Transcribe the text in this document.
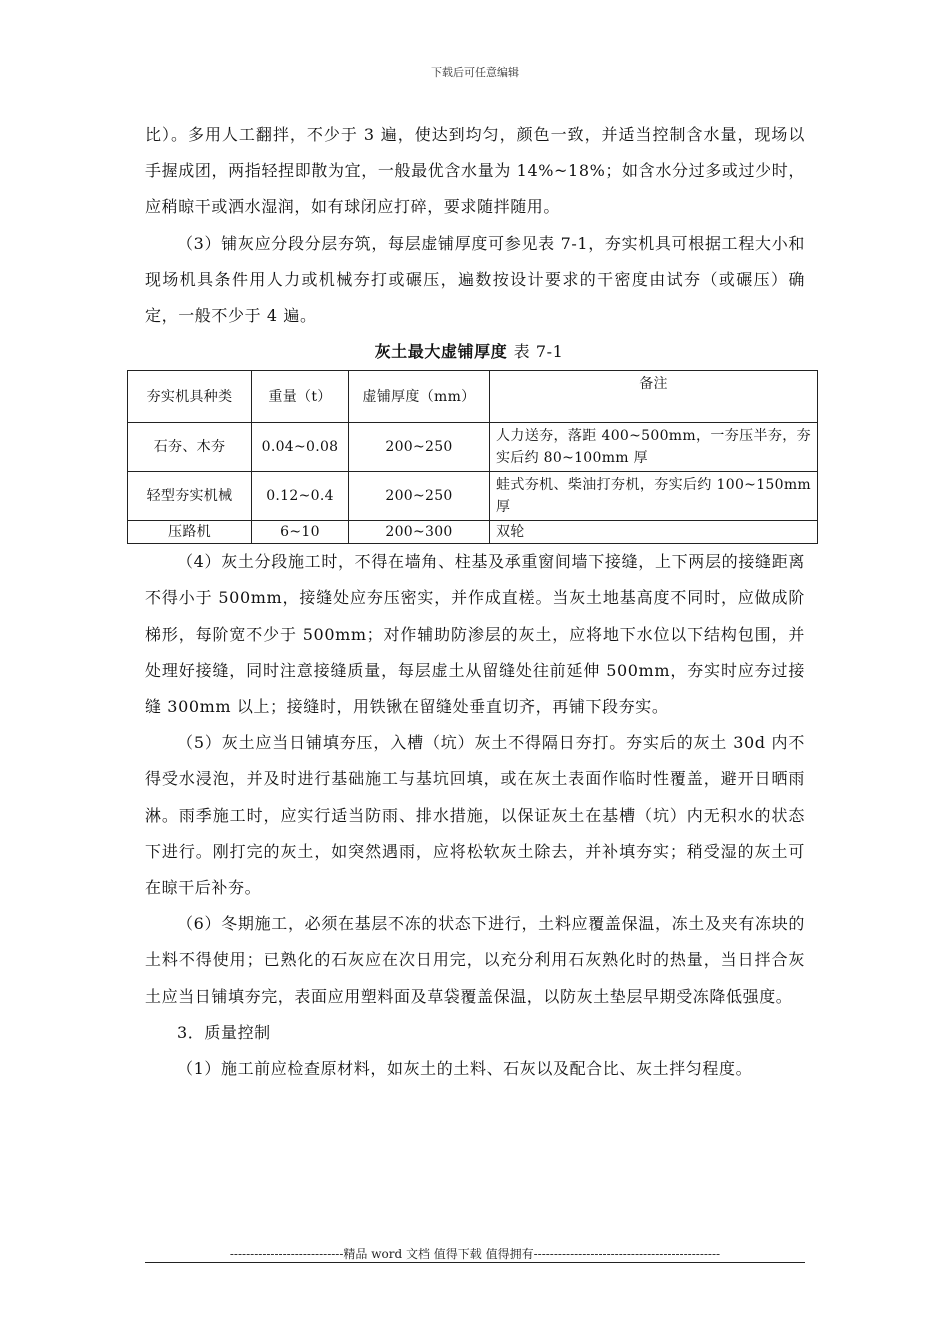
下载后可任意编辑

比）。多用人工翻拌，不少于 3 遍，使达到均匀，颜色一致，并适当控制含水量，现场以手握成团，两指轻捏即散为宜，一般最优含水量为 14%~18%；如含水分过多或过少时，应稍晾干或洒水湿润，如有球闭应打碎，要求随拌随用。

（3）铺灰应分段分层夯筑，每层虚铺厚度可参见表 7-1，夯实机具可根据工程大小和现场机具条件用人力或机械夯打或碾压，遍数按设计要求的干密度由试夯（或碾压）确定，一般不少于 4 遍。

灰土最大虚铺厚度 表 7-1
夯实机具种类	重量（t）	虚铺厚度（mm）	备注
石夯、木夯	0.04~0.08	200~250	人力送夯，落距 400~500mm，一夯压半夯，夯实后约 80~100mm 厚
轻型夯实机械	0.12~0.4	200~250	蛙式夯机、柴油打夯机，夯实后约 100~150mm 厚
压路机	6~10	200~300	双轮

（4）灰土分段施工时，不得在墙角、柱基及承重窗间墙下接缝，上下两层的接缝距离不得小于 500mm，接缝处应夯压密实，并作成直槎。当灰土地基高度不同时，应做成阶梯形，每阶宽不少于 500mm；对作辅助防渗层的灰土，应将地下水位以下结构包围，并处理好接缝，同时注意接缝质量，每层虚土从留缝处往前延伸 500mm，夯实时应夯过接缝 300mm 以上；接缝时，用铁锹在留缝处垂直切齐，再铺下段夯实。

（5）灰土应当日铺填夯压，入槽（坑）灰土不得隔日夯打。夯实后的灰土 30d 内不得受水浸泡，并及时进行基础施工与基坑回填，或在灰土表面作临时性覆盖，避开日晒雨淋。雨季施工时，应实行适当防雨、排水措施，以保证灰土在基槽（坑）内无积水的状态下进行。刚打完的灰土，如突然遇雨，应将松软灰土除去，并补填夯实；稍受湿的灰土可在晾干后补夯。

（6）冬期施工，必须在基层不冻的状态下进行，土料应覆盖保温，冻土及夹有冻块的土料不得使用；已熟化的石灰应在次日用完，以充分利用石灰熟化时的热量，当日拌合灰土应当日铺填夯完，表面应用塑料面及草袋覆盖保温，以防灰土垫层早期受冻降低强度。

3．质量控制

（1）施工前应检查原材料，如灰土的土料、石灰以及配合比、灰土拌匀程度。

----------------------------精品 word 文档 值得下载 值得拥有----------------------------------------------
